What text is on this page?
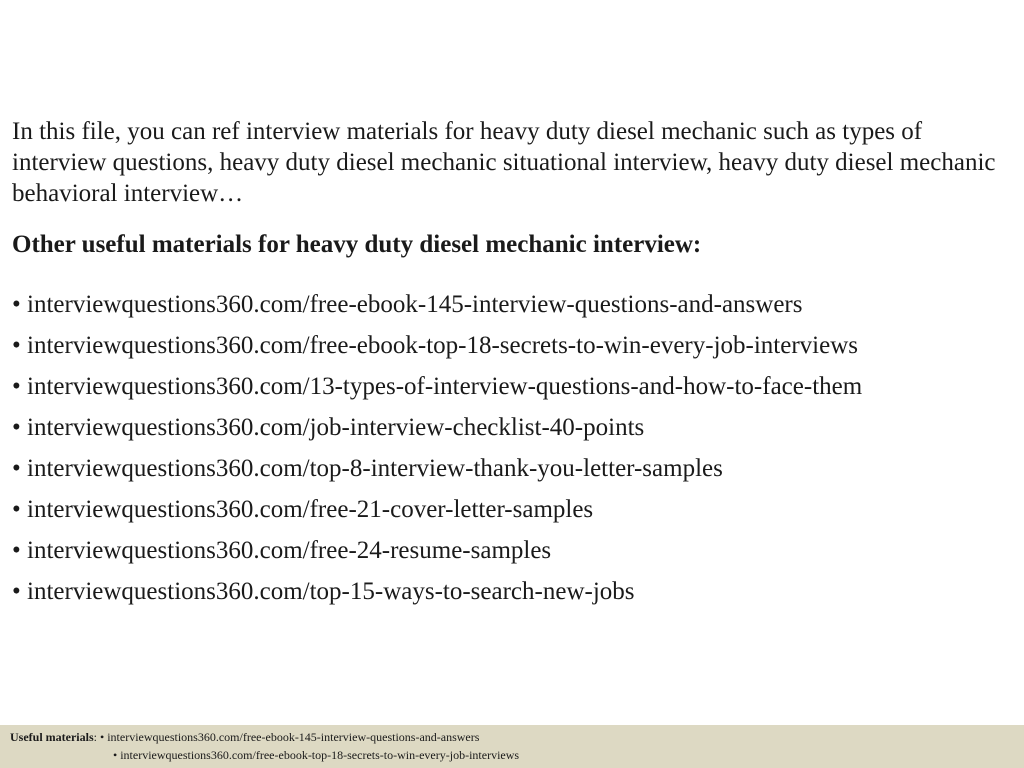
In this file, you can ref interview materials for heavy duty diesel mechanic such as types of interview questions, heavy duty diesel mechanic situational interview, heavy duty diesel mechanic behavioral interview…

Other useful materials for heavy duty diesel mechanic interview:
• interviewquestions360.com/free-ebook-145-interview-questions-and-answers
• interviewquestions360.com/free-ebook-top-18-secrets-to-win-every-job-interviews
• interviewquestions360.com/13-types-of-interview-questions-and-how-to-face-them
• interviewquestions360.com/job-interview-checklist-40-points
• interviewquestions360.com/top-8-interview-thank-you-letter-samples
• interviewquestions360.com/free-21-cover-letter-samples
• interviewquestions360.com/free-24-resume-samples
• interviewquestions360.com/top-15-ways-to-search-new-jobs
Useful materials: • interviewquestions360.com/free-ebook-145-interview-questions-and-answers
• interviewquestions360.com/free-ebook-top-18-secrets-to-win-every-job-interviews
